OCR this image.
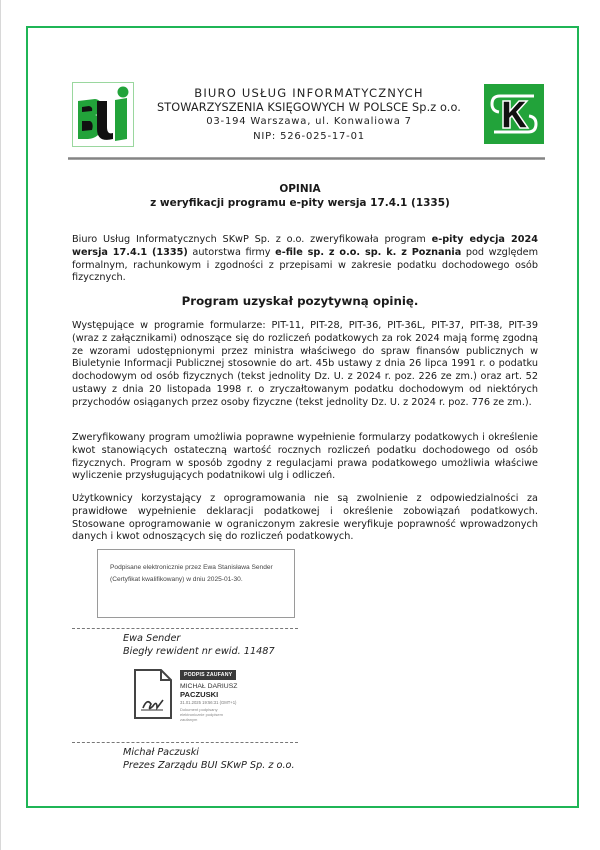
BIURO USŁUG INFORMATYCZNYCH
STOWARZYSZENIA KSIĘGOWYCH W POLSCE Sp.z o.o.
03-194 Warszawa, ul. Konwaliowa 7
NIP: 526-025-17-01
OPINIA
z weryfikacji programu e-pity wersja 17.4.1 (1335)
Biuro Usług Informatycznych SKwP Sp. z o.o. zweryfikowała program e-pity edycja 2024 wersja 17.4.1 (1335) autorstwa firmy e-file sp. z o.o. sp. k. z Poznania pod względem formalnym, rachunkowym i zgodności z przepisami w zakresie podatku dochodowego osób fizycznych.
Program uzyskał pozytywną opinię.
Występujące w programie formularze: PIT-11, PIT-28, PIT-36, PIT-36L, PIT-37, PIT-38, PIT-39 (wraz z załącznikami) odnoszące się do rozliczeń podatkowych za rok 2024 mają formę zgodną ze wzorami udostępnionymi przez ministra właściwego do spraw finansów publicznych w Biuletynie Informacji Publicznej stosownie do art. 45b ustawy z dnia 26 lipca 1991 r. o podatku dochodowym od osób fizycznych (tekst jednolity Dz. U. z 2024 r. poz. 226 ze zm.) oraz art. 52 ustawy z dnia 20 listopada 1998 r. o zryczałtowanym podatku dochodowym od niektórych przychodów osiąganych przez osoby fizyczne (tekst jednolity Dz. U. z 2024 r. poz. 776 ze zm.).
Zweryfikowany program umożliwia poprawne wypełnienie formularzy podatkowych i określenie kwot stanowiących ostateczną wartość rocznych rozliczeń podatku dochodowego od osób fizycznych. Program w sposób zgodny z regulacjami prawa podatkowego umożliwia właściwe wyliczenie przysługujących podatnikowi ulg i odliczeń.
Użytkownicy korzystający z oprogramowania nie są zwolnienie z odpowiedzialności za prawidłowe wypełnienie deklaracji podatkowej i określenie zobowiązań podatkowych. Stosowane oprogramowanie w ograniczonym zakresie weryfikuje poprawność wprowadzonych danych i kwot odnoszących się do rozliczeń podatkowych.
Podpisane elektronicznie przez Ewa Stanisława Sender (Certyfikat kwalifikowany) w dniu 2025-01-30.
Ewa Sender
Biegły rewident nr ewid. 11487
PODPIS ZAUFANY
MICHAŁ DARIUSZ
PACZUSKI
31.01.2025 19:56:31 (GMT+1)
Dokument podpisany elektronicznie podpisem zaufanym
Michał Paczuski
Prezes Zarządu BUI SKwP Sp. z o.o.
